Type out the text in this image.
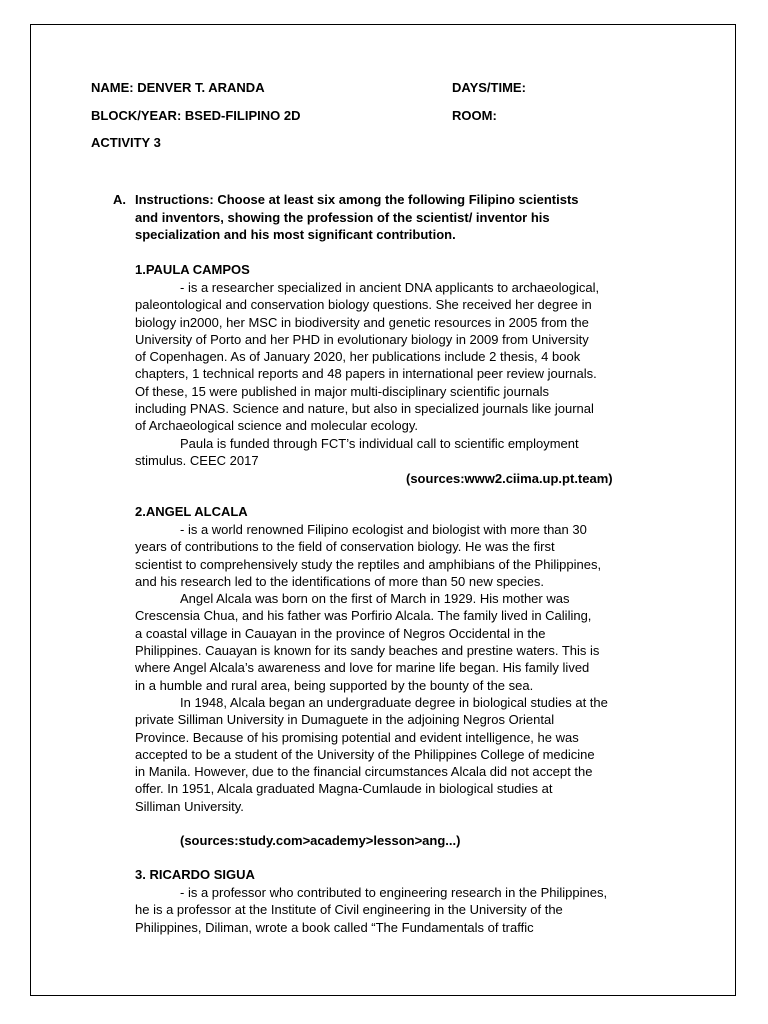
NAME: DENVER T. ARANDA	DAYS/TIME:
BLOCK/YEAR: BSED-FILIPINO 2D	ROOM:
ACTIVITY 3
A. Instructions: Choose at least six among the following Filipino scientists
and inventors, showing the profession of the scientist/ inventor his
specialization and his most significant contribution.
1.PAULA CAMPOS
- is a researcher specialized in ancient DNA applicants to archaeological,
paleontological and conservation biology questions. She received her degree in
biology in2000, her MSC in biodiversity and genetic resources in 2005 from the
University of Porto and her PHD in evolutionary biology in 2009 from University
of Copenhagen. As of January 2020, her publications include 2 thesis, 4 book
chapters, 1 technical reports and 48 papers in international peer review journals.
Of these, 15 were published in major multi-disciplinary scientific journals
including PNAS. Science and nature, but also in specialized journals like journal
of Archaeological science and molecular ecology.
Paula is funded through FCT’s individual call to scientific employment
stimulus. CEEC 2017
(sources:www2.ciima.up.pt.team)
2.ANGEL ALCALA
- is a world renowned Filipino ecologist and biologist with more than 30
years of contributions to the field of conservation biology. He was the first
scientist to comprehensively study the reptiles and amphibians of the Philippines,
and his research led to the identifications of more than 50 new species.
Angel Alcala was born on the first of March in 1929. His mother was
Crescensia Chua, and his father was Porfirio Alcala. The family lived in Caliling,
a coastal village in Cauayan in the province of Negros Occidental in the
Philippines. Cauayan is known for its sandy beaches and prestine waters. This is
where Angel Alcala’s awareness and love for marine life began. His family lived
in a humble and rural area, being supported by the bounty of the sea.
In 1948, Alcala began an undergraduate degree in biological studies at the
private Silliman University in Dumaguete in the adjoining Negros Oriental
Province. Because of his promising potential and evident intelligence, he was
accepted to be a student of the University of the Philippines College of medicine
in Manila. However, due to the financial circumstances Alcala did not accept the
offer. In 1951, Alcala graduated Magna-Cumlaude in biological studies at
Silliman University.
(sources:study.com>academy>lesson>ang...)
3. RICARDO SIGUA
- is a professor who contributed to engineering research in the Philippines,
he is a professor at the Institute of Civil engineering in the University of the
Philippines, Diliman, wrote a book called “The Fundamentals of traffic
